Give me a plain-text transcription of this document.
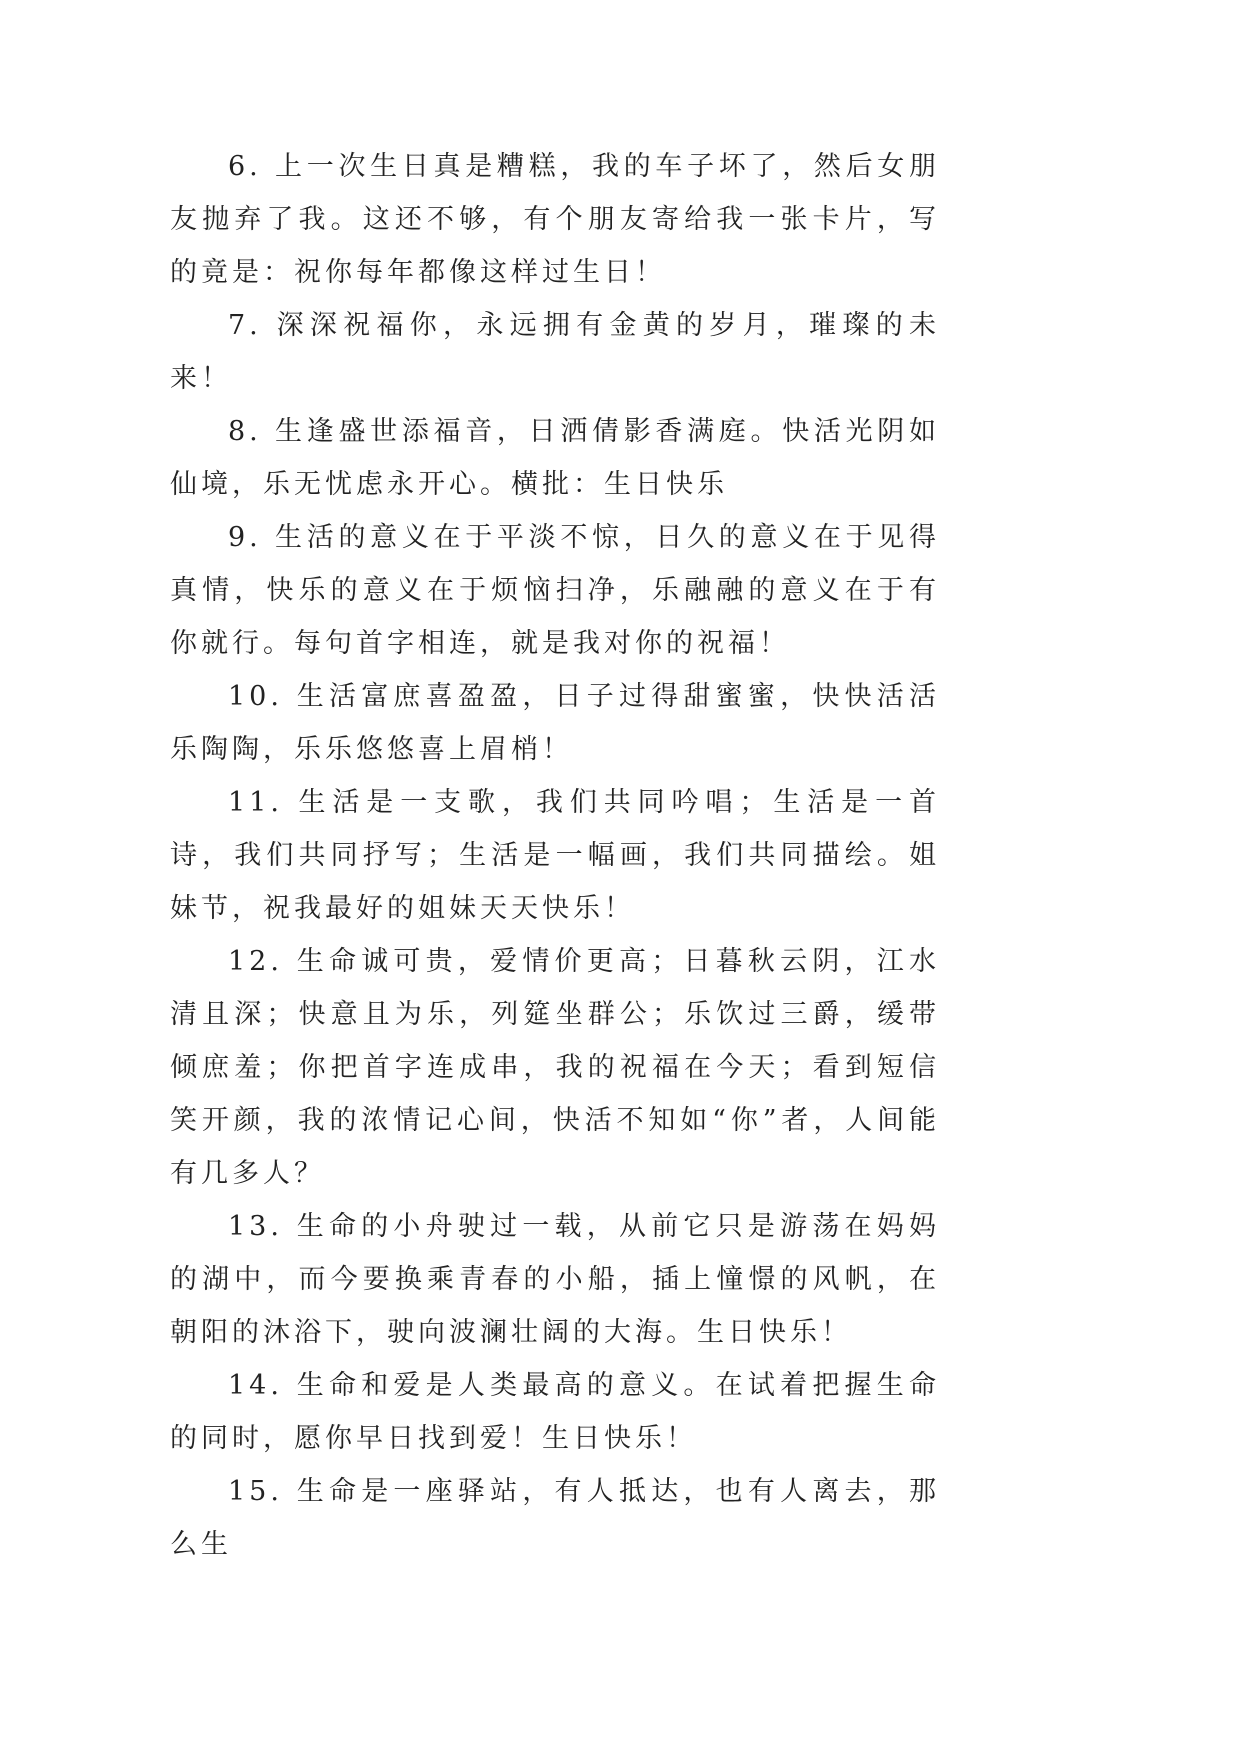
6. 上一次生日真是糟糕，我的车子坏了，然后女朋友抛弃了我。这还不够，有个朋友寄给我一张卡片，写的竟是：祝你每年都像这样过生日！

7. 深深祝福你，永远拥有金黄的岁月，璀璨的未来！

8. 生逢盛世添福音，日洒倩影香满庭。快活光阴如仙境，乐无忧虑永开心。横批：生日快乐

9. 生活的意义在于平淡不惊，日久的意义在于见得真情，快乐的意义在于烦恼扫净，乐融融的意义在于有你就行。每句首字相连，就是我对你的祝福！

10. 生活富庶喜盈盈，日子过得甜蜜蜜，快快活活乐陶陶，乐乐悠悠喜上眉梢！

11. 生活是一支歌，我们共同吟唱；生活是一首诗，我们共同抒写；生活是一幅画，我们共同描绘。姐妹节，祝我最好的姐妹天天快乐！

12. 生命诚可贵，爱情价更高；日暮秋云阴，江水清且深；快意且为乐，列筵坐群公；乐饮过三爵，缓带倾庶羞；你把首字连成串，我的祝福在今天；看到短信笑开颜，我的浓情记心间，快活不知如“你”者，人间能有几多人？

13. 生命的小舟驶过一载，从前它只是游荡在妈妈的湖中，而今要换乘青春的小船，插上憧憬的风帆，在朝阳的沐浴下，驶向波澜壮阔的大海。生日快乐！

14. 生命和爱是人类最高的意义。在试着把握生命的同时，愿你早日找到爱！生日快乐！

15. 生命是一座驿站，有人抵达，也有人离去，那么生
